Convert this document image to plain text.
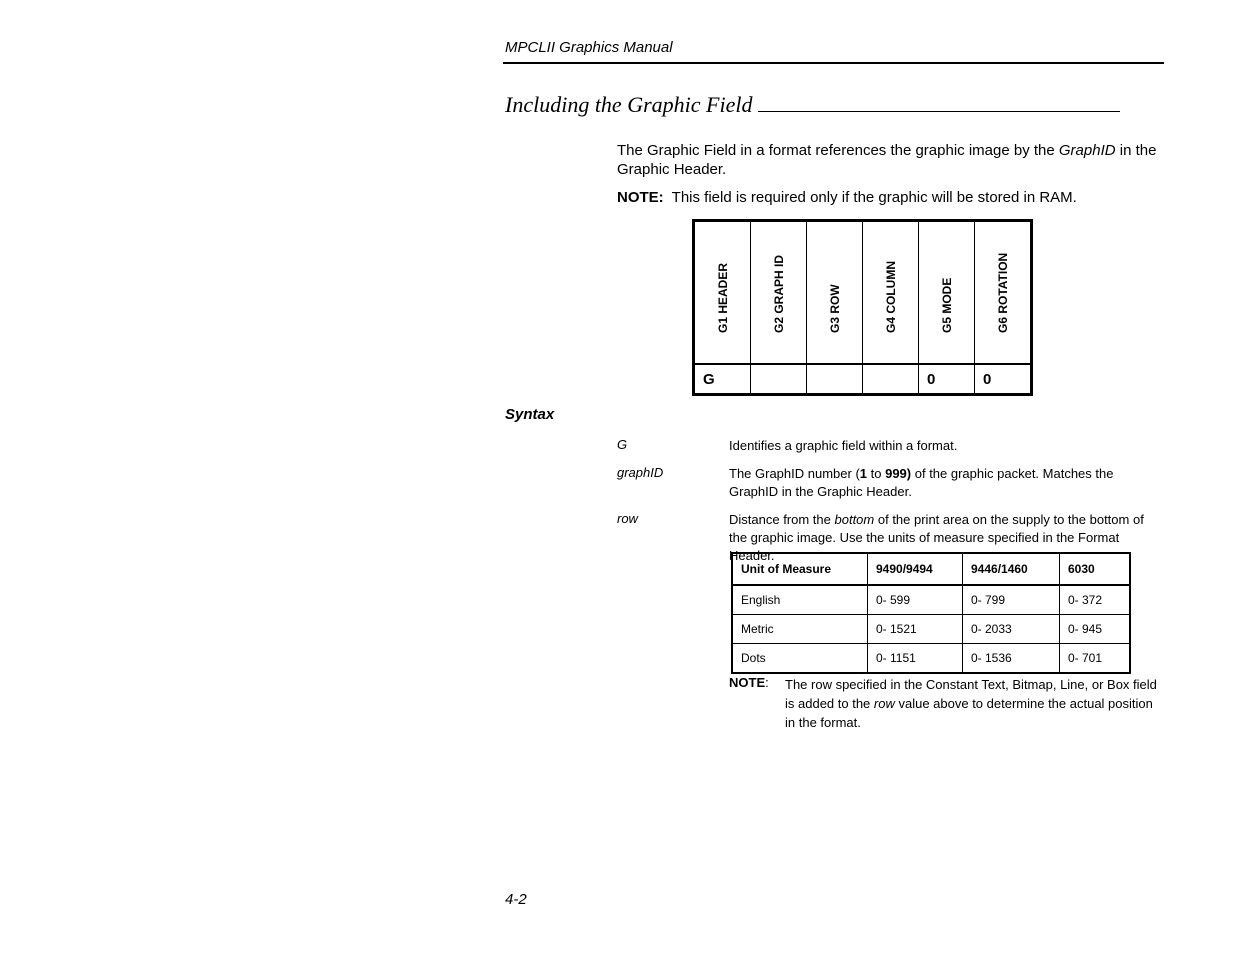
MPCLII Graphics Manual
Including the Graphic Field
The Graphic Field in a format references the graphic image by the GraphID in the Graphic Header.
NOTE: This field is required only if the graphic will be stored in RAM.
G1 HEADER	G2 GRAPH ID	G3 ROW	G4 COLUMN	G5 MODE	G6 ROTATION

G				0	0
Syntax
G	Identifies a graphic field within a format.
graphID	The GraphID number (1 to 999) of the graphic packet. Matches the GraphID in the Graphic Header.
row	Distance from the bottom of the print area on the supply to the bottom of the graphic image. Use the units of measure specified in the Format Header.
Unit of Measure	9490/9494	9446/1460	6030
English	0- 599	0- 799	0- 372
Metric	0- 1521	0- 2033	0- 945
Dots	0- 1151	0- 1536	0- 701
NOTE: The row specified in the Constant Text, Bitmap, Line, or Box field is added to the row value above to determine the actual position in the format.
4-2
